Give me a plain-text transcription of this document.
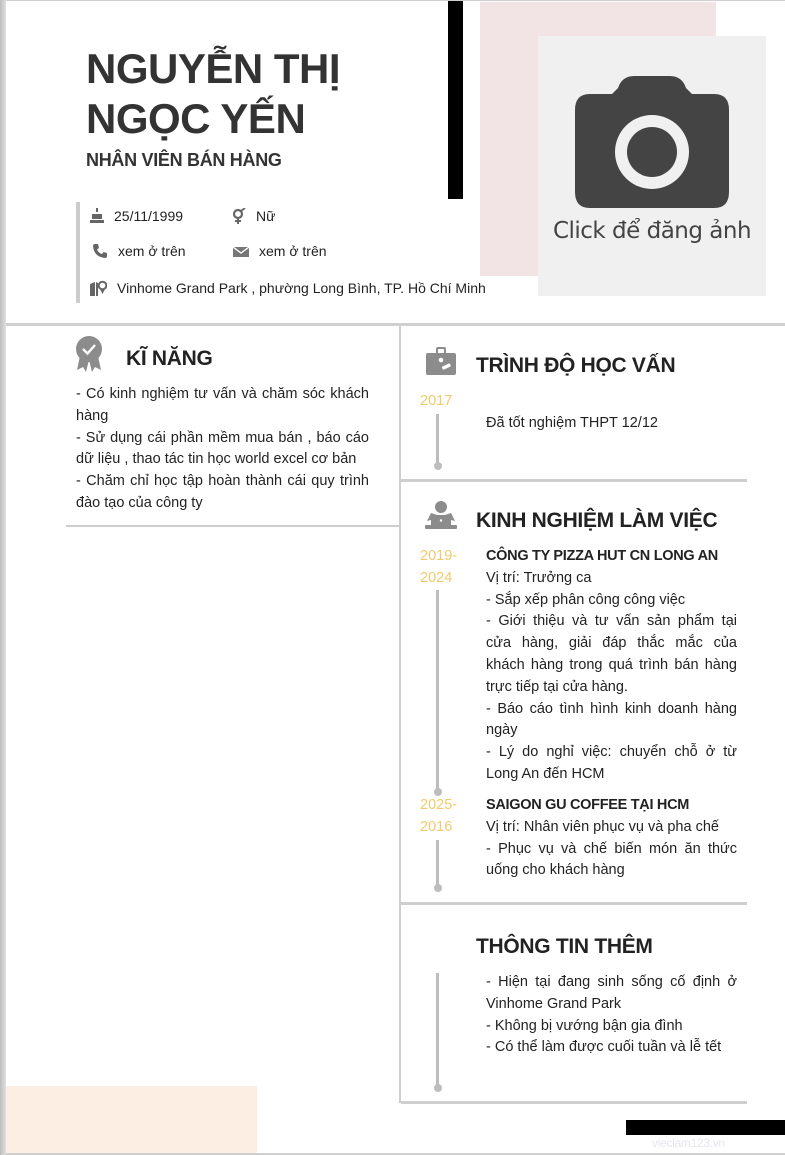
NGUYỄN THỊ
NGỌC YẾN
NHÂN VIÊN BÁN HÀNG
Click để đăng ảnh
25/11/1999	Nữ
xem ở trên	xem ở trên
Vinhome Grand Park , phường Long Bình, TP. Hồ Chí Minh
KĨ NĂNG

- Có kinh nghiệm tư vấn và chăm sóc khách hàng

- Sử dụng cái phần mềm mua bán , báo cáo dữ liệu , thao tác tin học world excel cơ bản

- Chăm chỉ học tập hoàn thành cái quy trình đào tạo của công ty

TRÌNH ĐỘ HỌC VẤN
2017
Đã tốt nghiệm THPT 12/12
KINH NGHIỆM LÀM VIỆC
2019-
2024

CÔNG TY PIZZA HUT CN LONG AN

Vị trí: Trưởng ca

- Sắp xếp phân công công việc

- Giới thiệu và tư vấn sản phẩm tại cửa hàng, giải đáp thắc mắc của khách hàng trong quá trình bán hàng trực tiếp tại cửa hàng.

- Báo cáo tình hình kinh doanh hàng ngày

- Lý do nghỉ việc: chuyển chỗ ở từ Long An đến HCM

2025-
2016

SAIGON GU COFFEE TẠI HCM

Vị trí: Nhân viên phục vụ và pha chế

- Phục vụ và chế biến món ăn thức uống cho khách hàng

THÔNG TIN THÊM

- Hiện tại đang sinh sống cố định ở Vinhome Grand Park

- Không bị vướng bận gia đình

- Có thể làm được cuối tuần và lễ tết

vieclam123.vn
